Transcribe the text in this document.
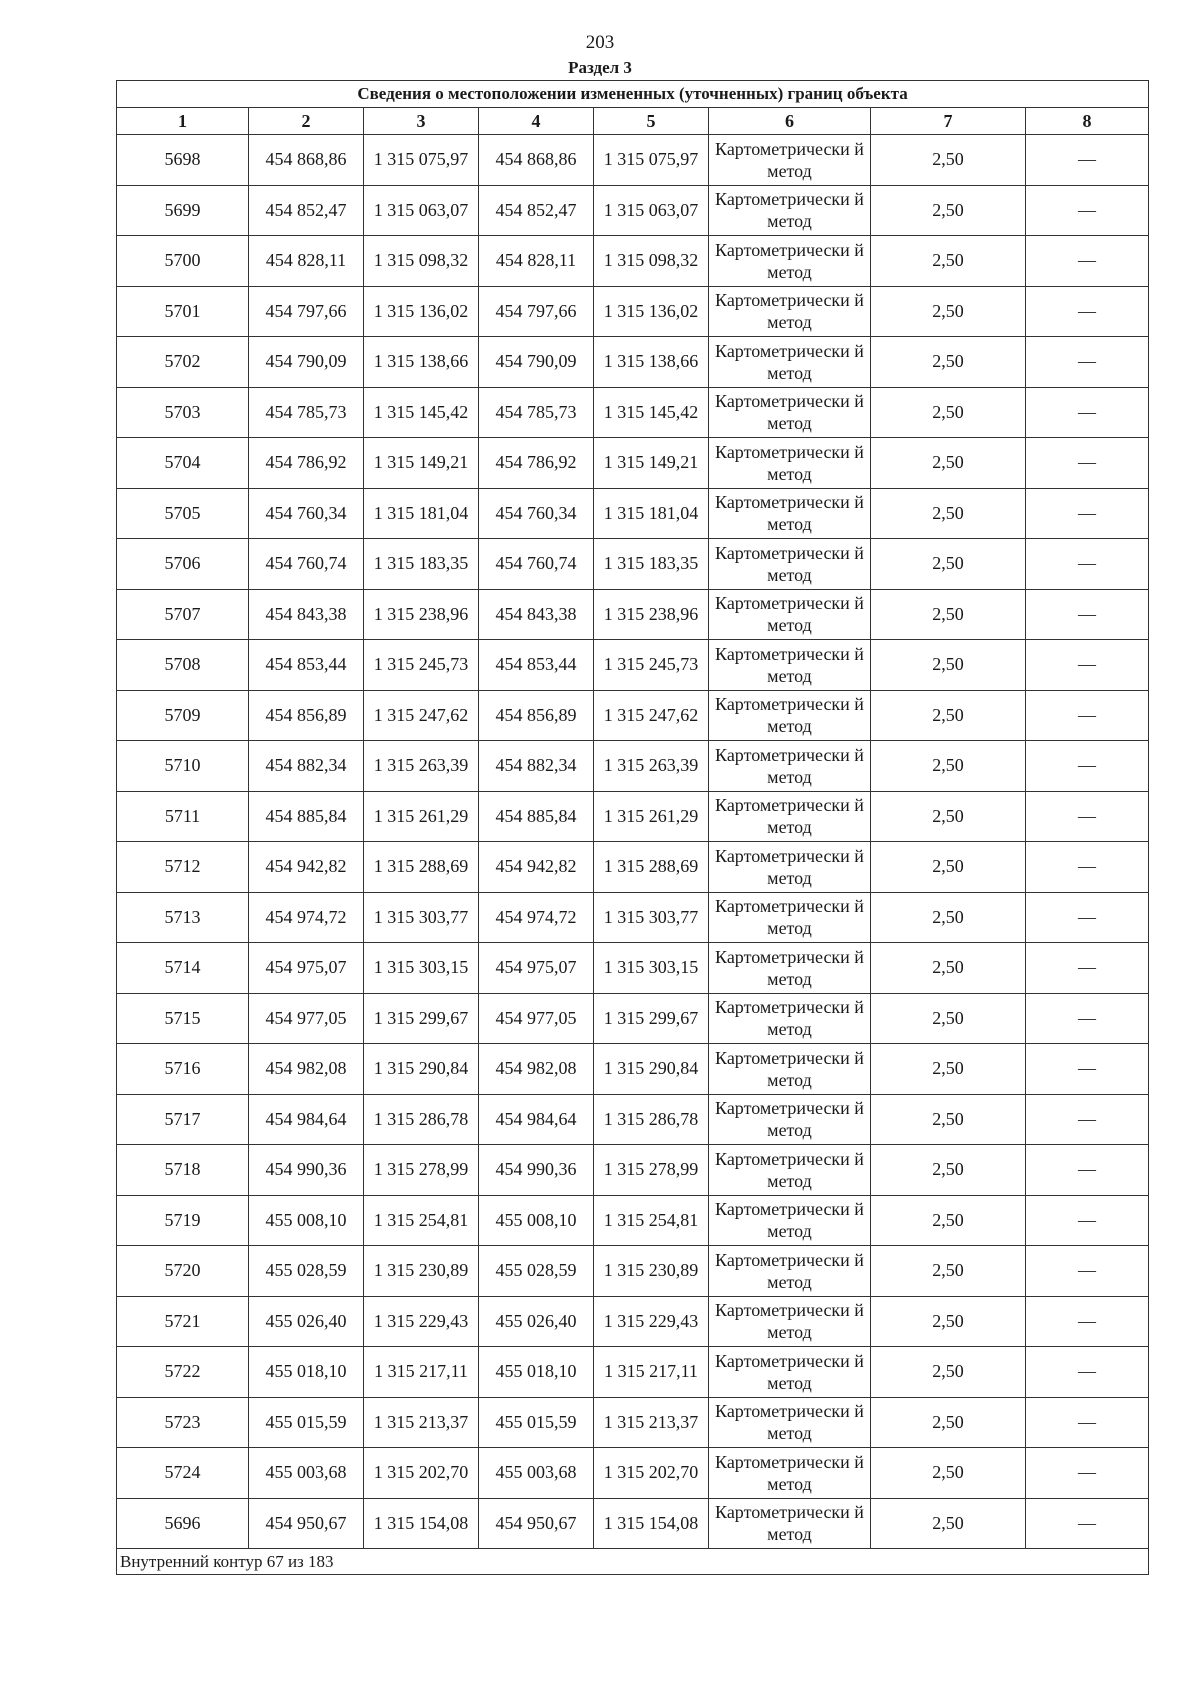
203
Раздел 3
Сведения о местоположении измененных (уточненных) границ объекта							
1	2	3	4	5	6	7	8
5698	454 868,86	1 315 075,97	454 868,86	1 315 075,97	Картометрически й метод	2,50	—
5699	454 852,47	1 315 063,07	454 852,47	1 315 063,07	Картометрически й метод	2,50	—
5700	454 828,11	1 315 098,32	454 828,11	1 315 098,32	Картометрически й метод	2,50	—
5701	454 797,66	1 315 136,02	454 797,66	1 315 136,02	Картометрически й метод	2,50	—
5702	454 790,09	1 315 138,66	454 790,09	1 315 138,66	Картометрически й метод	2,50	—
5703	454 785,73	1 315 145,42	454 785,73	1 315 145,42	Картометрически й метод	2,50	—
5704	454 786,92	1 315 149,21	454 786,92	1 315 149,21	Картометрически й метод	2,50	—
5705	454 760,34	1 315 181,04	454 760,34	1 315 181,04	Картометрически й метод	2,50	—
5706	454 760,74	1 315 183,35	454 760,74	1 315 183,35	Картометрически й метод	2,50	—
5707	454 843,38	1 315 238,96	454 843,38	1 315 238,96	Картометрически й метод	2,50	—
5708	454 853,44	1 315 245,73	454 853,44	1 315 245,73	Картометрически й метод	2,50	—
5709	454 856,89	1 315 247,62	454 856,89	1 315 247,62	Картометрически й метод	2,50	—
5710	454 882,34	1 315 263,39	454 882,34	1 315 263,39	Картометрически й метод	2,50	—
5711	454 885,84	1 315 261,29	454 885,84	1 315 261,29	Картометрически й метод	2,50	—
5712	454 942,82	1 315 288,69	454 942,82	1 315 288,69	Картометрически й метод	2,50	—
5713	454 974,72	1 315 303,77	454 974,72	1 315 303,77	Картометрически й метод	2,50	—
5714	454 975,07	1 315 303,15	454 975,07	1 315 303,15	Картометрически й метод	2,50	—
5715	454 977,05	1 315 299,67	454 977,05	1 315 299,67	Картометрически й метод	2,50	—
5716	454 982,08	1 315 290,84	454 982,08	1 315 290,84	Картометрически й метод	2,50	—
5717	454 984,64	1 315 286,78	454 984,64	1 315 286,78	Картометрически й метод	2,50	—
5718	454 990,36	1 315 278,99	454 990,36	1 315 278,99	Картометрически й метод	2,50	—
5719	455 008,10	1 315 254,81	455 008,10	1 315 254,81	Картометрически й метод	2,50	—
5720	455 028,59	1 315 230,89	455 028,59	1 315 230,89	Картометрически й метод	2,50	—
5721	455 026,40	1 315 229,43	455 026,40	1 315 229,43	Картометрически й метод	2,50	—
5722	455 018,10	1 315 217,11	455 018,10	1 315 217,11	Картометрически й метод	2,50	—
5723	455 015,59	1 315 213,37	455 015,59	1 315 213,37	Картометрически й метод	2,50	—
5724	455 003,68	1 315 202,70	455 003,68	1 315 202,70	Картометрически й метод	2,50	—
5696	454 950,67	1 315 154,08	454 950,67	1 315 154,08	Картометрически й метод	2,50	—
Внутренний контур 67 из 183							
